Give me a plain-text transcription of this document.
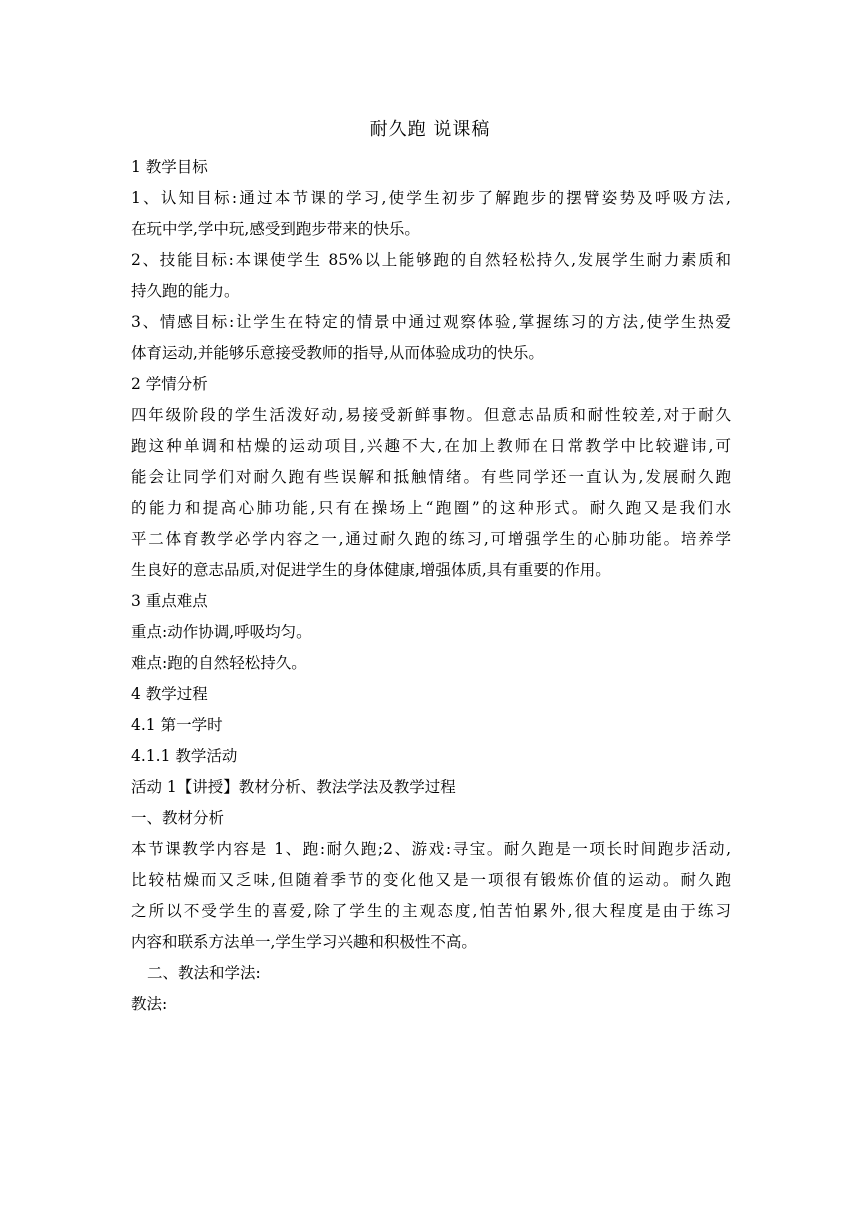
耐久跑 说课稿
1 教学目标
1、认知目标:通过本节课的学习,使学生初步了解跑步的摆臂姿势及呼吸方法,
在玩中学,学中玩,感受到跑步带来的快乐。
2、技能目标:本课使学生 85%以上能够跑的自然轻松持久,发展学生耐力素质和
持久跑的能力。
3、情感目标:让学生在特定的情景中通过观察体验,掌握练习的方法,使学生热爱
体育运动,并能够乐意接受教师的指导,从而体验成功的快乐。
2 学情分析
四年级阶段的学生活泼好动,易接受新鲜事物。但意志品质和耐性较差,对于耐久
跑这种单调和枯燥的运动项目,兴趣不大,在加上教师在日常教学中比较避讳,可
能会让同学们对耐久跑有些误解和抵触情绪。有些同学还一直认为,发展耐久跑
的能力和提高心肺功能,只有在操场上“跑圈”的这种形式。耐久跑又是我们水
平二体育教学必学内容之一,通过耐久跑的练习,可增强学生的心肺功能。培养学
生良好的意志品质,对促进学生的身体健康,增强体质,具有重要的作用。
3 重点难点
重点:动作协调,呼吸均匀。
难点:跑的自然轻松持久。
4 教学过程
4.1 第一学时
4.1.1 教学活动
活动 1【讲授】教材分析、教法学法及教学过程
一、教材分析
本节课教学内容是 1、跑:耐久跑;2、游戏:寻宝。耐久跑是一项长时间跑步活动,
比较枯燥而又乏味,但随着季节的变化他又是一项很有锻炼价值的运动。耐久跑
之所以不受学生的喜爱,除了学生的主观态度,怕苦怕累外,很大程度是由于练习
内容和联系方法单一,学生学习兴趣和积极性不高。
二、教法和学法:
教法:
